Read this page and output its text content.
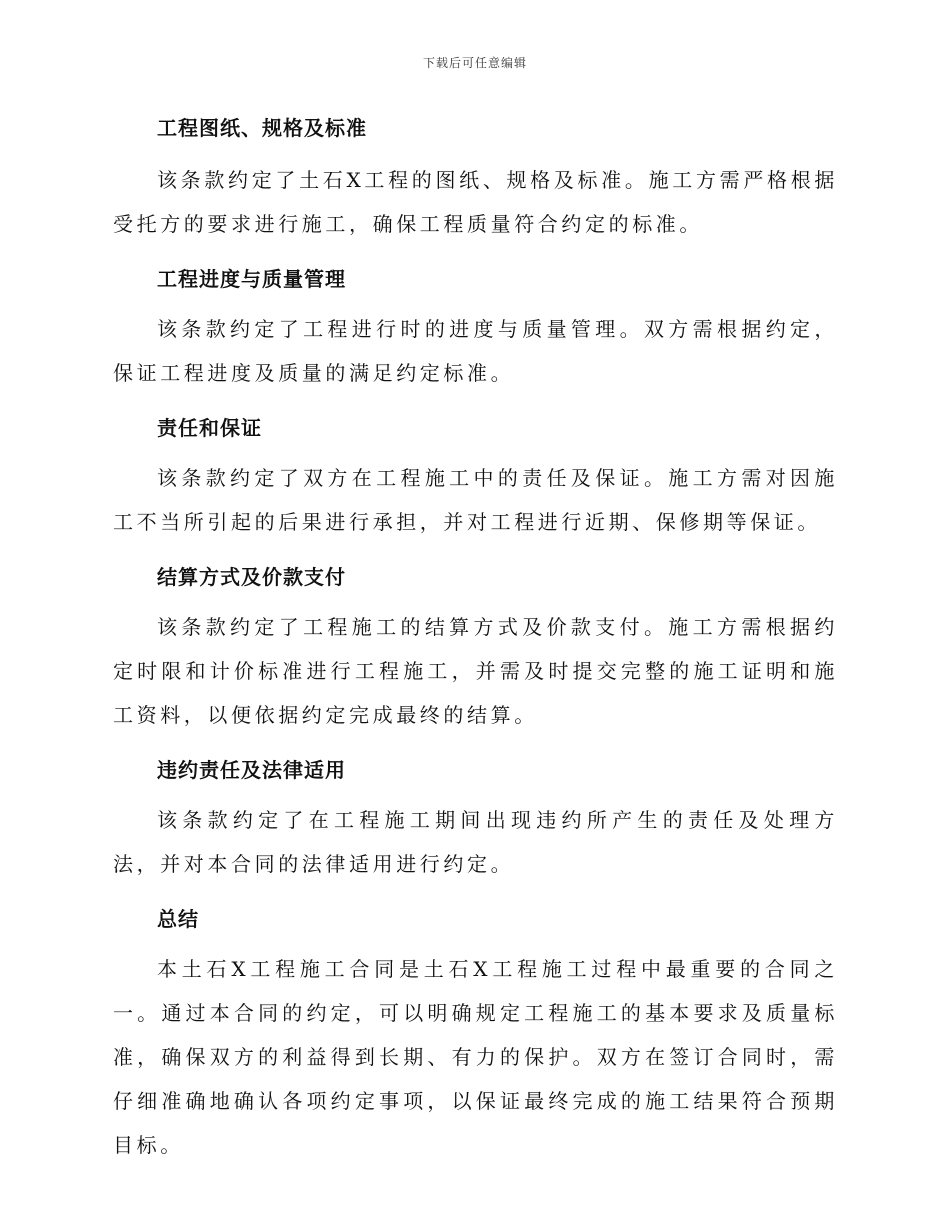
下载后可任意编辑
工程图纸、规格及标准

该条款约定了土石X工程的图纸、规格及标准。施工方需严格根据受托方的要求进行施工，确保工程质量符合约定的标准。

工程进度与质量管理

该条款约定了工程进行时的进度与质量管理。双方需根据约定，保证工程进度及质量的满足约定标准。

责任和保证

该条款约定了双方在工程施工中的责任及保证。施工方需对因施工不当所引起的后果进行承担，并对工程进行近期、保修期等保证。

结算方式及价款支付

该条款约定了工程施工的结算方式及价款支付。施工方需根据约定时限和计价标准进行工程施工，并需及时提交完整的施工证明和施工资料，以便依据约定完成最终的结算。

违约责任及法律适用

该条款约定了在工程施工期间出现违约所产生的责任及处理方法，并对本合同的法律适用进行约定。

总结

本土石X工程施工合同是土石X工程施工过程中最重要的合同之一。通过本合同的约定，可以明确规定工程施工的基本要求及质量标准，确保双方的利益得到长期、有力的保护。双方在签订合同时，需仔细准确地确认各项约定事项，以保证最终完成的施工结果符合预期目标。
